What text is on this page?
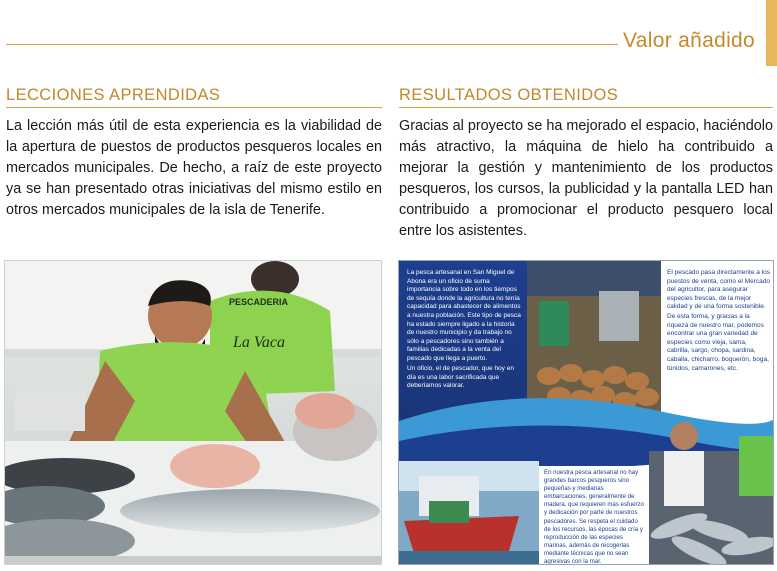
Valor añadido
LECCIONES APRENDIDAS
La lección más útil de esta experiencia es la viabilidad de la apertura de puestos de productos pesqueros locales en mercados municipales. De hecho, a raíz de este proyecto ya se han presentado otras iniciativas del mismo estilo en otros mercados municipales de la isla de Tenerife.
RESULTADOS OBTENIDOS
Gracias al proyecto se ha mejorado el espacio, haciéndolo más atractivo, la máquina de hielo ha contribuido a mejorar la gestión y mantenimiento de los productos pesqueros, los cursos, la publicidad y la pantalla LED han contribuido a promocionar el producto pesquero local entre los asistentes.
PESCADERIA
La Vaca
La pesca artesanal en San Miguel de Abona era un oficio de suma importancia sobre todo en los tiempos de sequía donde la agricultura no tenía capacidad para abastecer de alimentos a nuestra población. Este tipo de pesca ha estado siempre ligado a la historia de nuestro municipio y da trabajo no sólo a pescadores sino también a familias dedicadas a la venta del pescado que llega a puerto.
Un oficio, el de pescador, que hoy en día es una labor sacrificada que deberíamos valorar.
El pescado pasa directamente a los puestos de venta, como el Mercado del agricultor, para asegurar especies frescas, de la mejor calidad y de una forma sostenible.
De esta forma, y gracias a la riqueza de nuestro mar, podemos encontrar una gran variedad de especies como vieja, sama, cabrilla, sargo, chopa, sardina, caballa, chicharro, boquerón, boga, túnidos, camarones, etc.
En nuestra pesca artesanal no hay grandes barcos pesqueros sino pequeñas y medianas embarcaciones, generalmente de madera, que requieren más esfuerzo y dedicación por parte de nuestros pescadores. Se respeta el cuidado de los recursos, las épocas de cría y reproducción de las especies marinas, además de recogerlas mediante técnicas que no sean agresivas con la mar.
